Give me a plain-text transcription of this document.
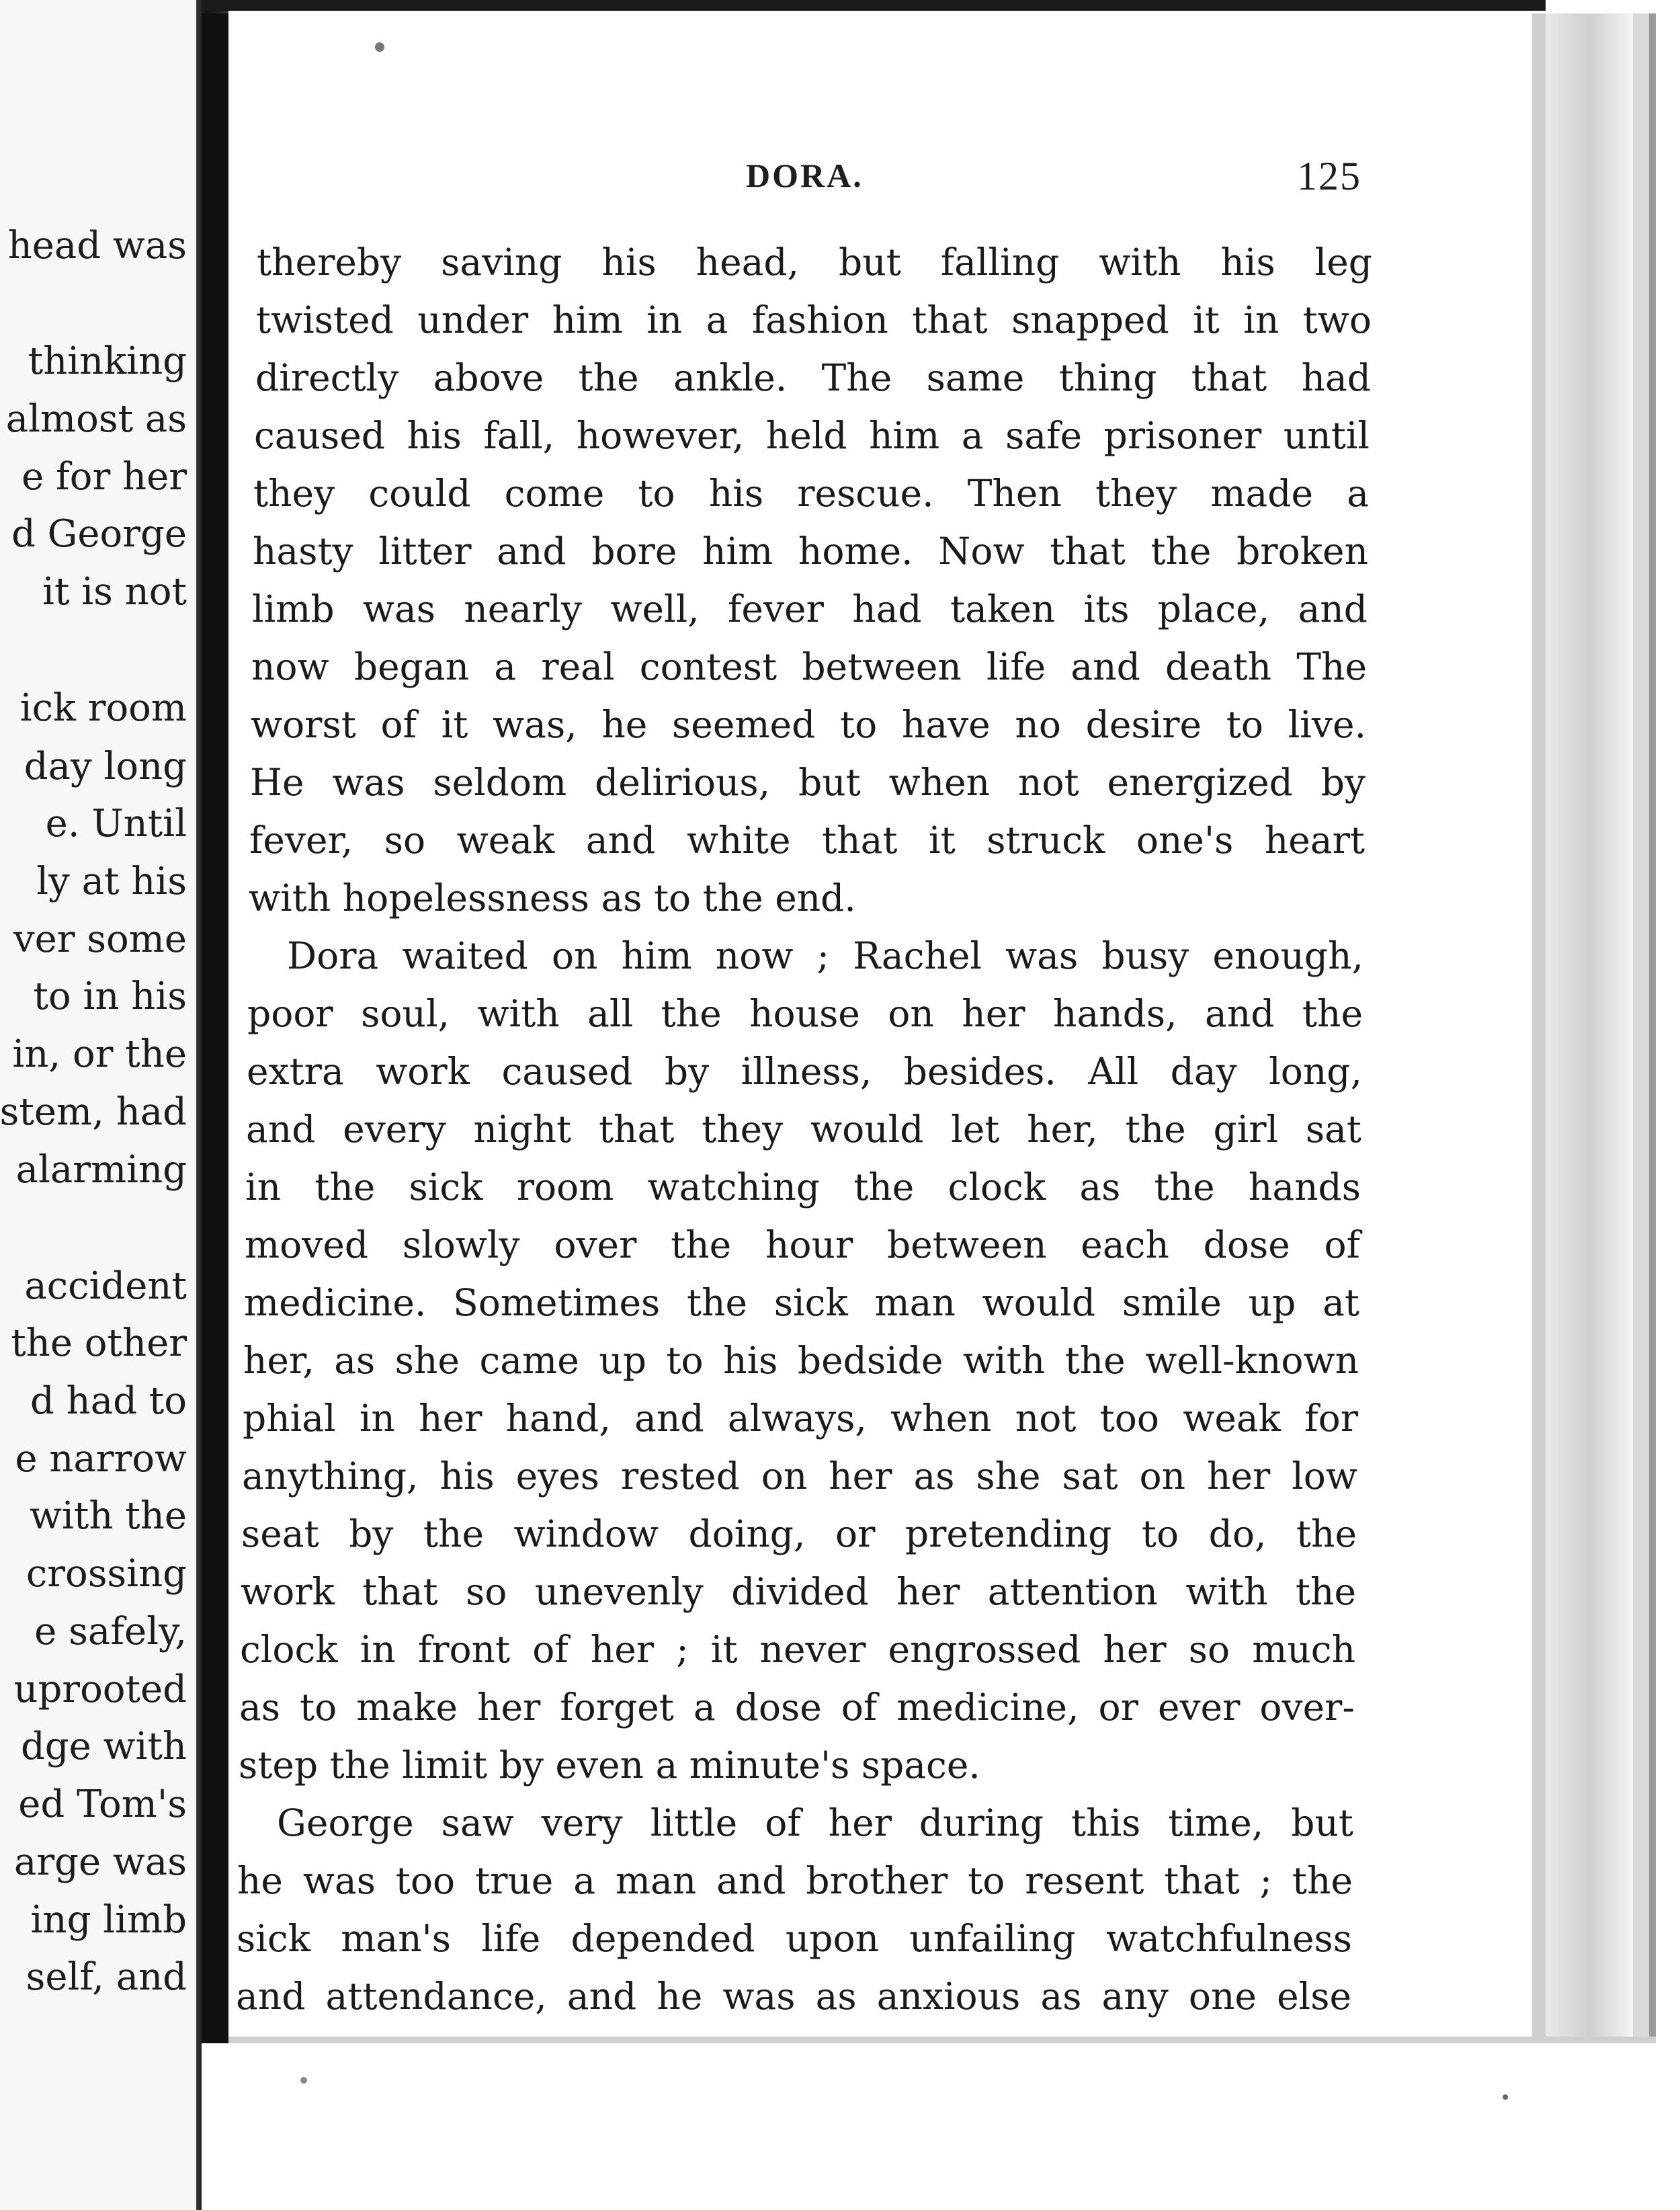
head was
thinking
almost as
e for her
d George
it is not
ick room
day long
e. Until
ly at his
ver some
to in his
in, or the
stem, had
alarming
accident
the other
d had to
e narrow
with the
crossing
e safely,
uprooted
dge with
ed Tom's
arge was
ing limb
self, and
DORA.	125
thereby saving his head, but falling with his leg
twisted under him in a fashion that snapped it in two
directly above the ankle. The same thing that had
caused his fall, however, held him a safe prisoner until
they could come to his rescue. Then they made a
hasty litter and bore him home. Now that the broken
limb was nearly well, fever had taken its place, and
now began a real contest between life and death The
worst of it was, he seemed to have no desire to live.
He was seldom delirious, but when not energized by
fever, so weak and white that it struck one's heart
with hopelessness as to the end.
Dora waited on him now ; Rachel was busy enough,
poor soul, with all the house on her hands, and the
extra work caused by illness, besides. All day long,
and every night that they would let her, the girl sat
in the sick room watching the clock as the hands
moved slowly over the hour between each dose of
medicine. Sometimes the sick man would smile up at
her, as she came up to his bedside with the well-known
phial in her hand, and always, when not too weak for
anything, his eyes rested on her as she sat on her low
seat by the window doing, or pretending to do, the
work that so unevenly divided her attention with the
clock in front of her ; it never engrossed her so much
as to make her forget a dose of medicine, or ever over-
step the limit by even a minute's space.
George saw very little of her during this time, but
he was too true a man and brother to resent that ; the
sick man's life depended upon unfailing watchfulness
and attendance, and he was as anxious as any one else
